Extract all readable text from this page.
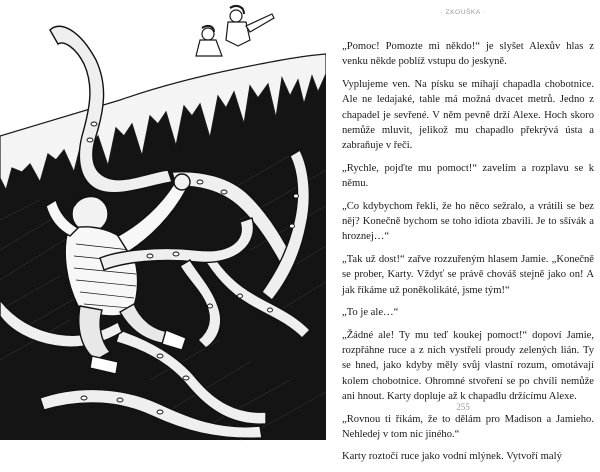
· ZKOUŠKA ·

„Pomoc! Pomozte mi někdo!“ je slyšet Alexův hlas z venku někde poblíž vstupu do jeskyně.

Vyplujeme ven. Na písku se míhají chapadla chobotnice. Ale ne ledajaké, tahle má možná dvacet metrů. Jedno z chapadel je sevřené. V něm pevně drží Alexe. Hoch skoro nemůže mluvit, jelikož mu chapadlo překrývá ústa a zabraňuje v řeči.

„Rychle, pojďte mu pomoct!“ zavelím a rozplavu se k němu.

„Co kdybychom řekli, že ho něco sežralo, a vrátili se bez něj? Konečně bychom se toho idiota zbavili. Je to sšívák a hroznej…“

„Tak už dost!“ zařve rozzuřeným hlasem Jamie. „Konečně se prober, Karty. Vždyť se právě chováš stejně jako on! A jak říkáme už poněkolikáté, jsme tým!“

„To je ale…“

„Žádné ale! Ty mu teď koukej pomoct!“ dopoví Jamie, rozpřáhne ruce a z nich vystřelí proudy zelených lián. Ty se hned, jako kdyby měly svůj vlastní rozum, omotávají kolem chobotnice. Ohromné stvoření se po chvíli nemůže ani hnout. Karty dopluje až k chapadlu držícímu Alexe.

„Rovnou ti říkám, že to dělám pro Madison a Jamieho. Nehledej v tom nic jiného.“

Karty roztočí ruce jako vodní mlýnek. Vytvoří malý

255
